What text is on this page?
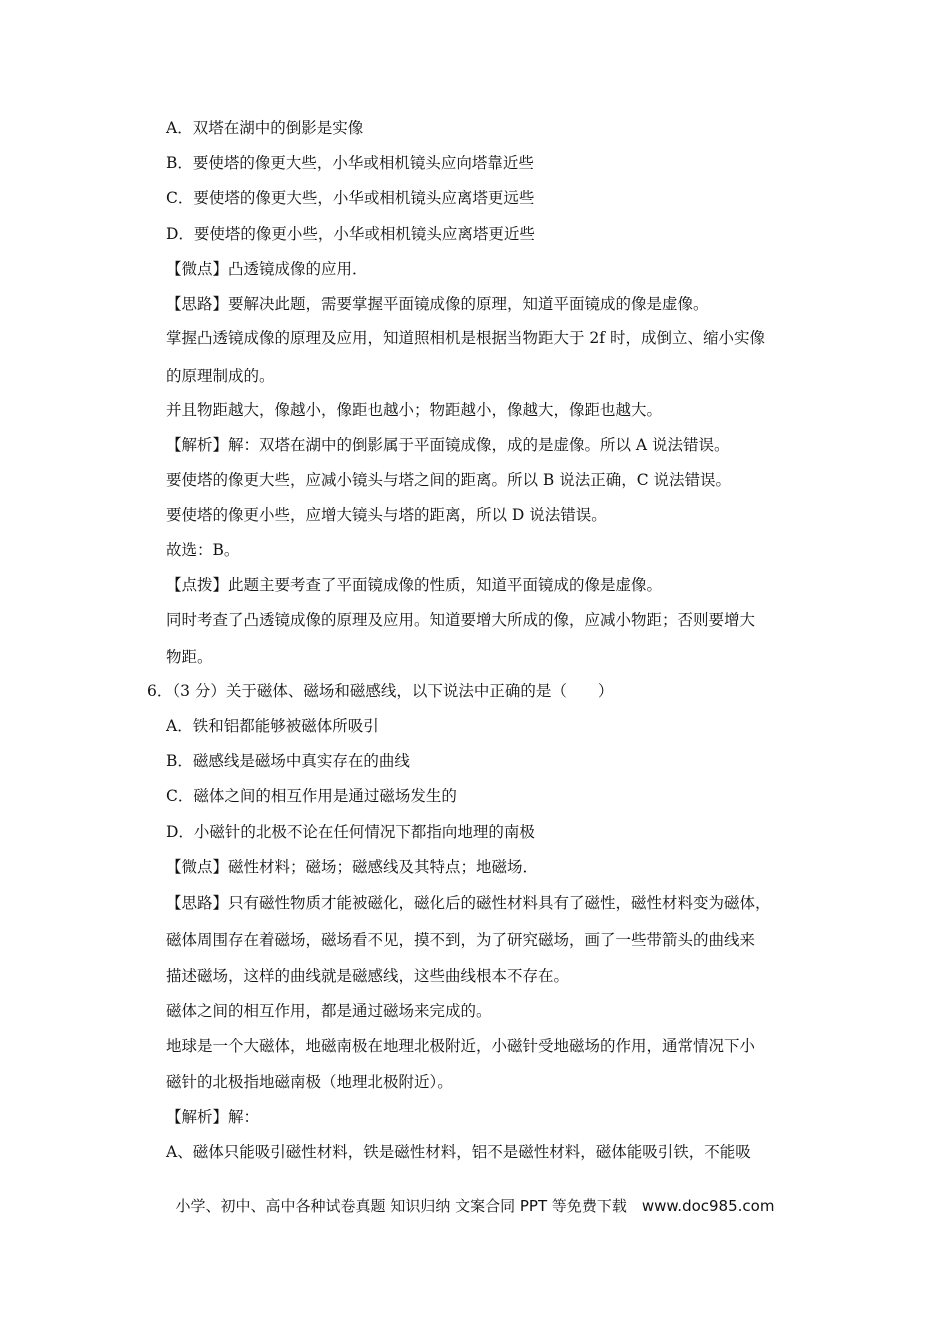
A．双塔在湖中的倒影是实像
B．要使塔的像更大些，小华或相机镜头应向塔靠近些
C．要使塔的像更大些，小华或相机镜头应离塔更远些
D．要使塔的像更小些，小华或相机镜头应离塔更近些
【微点】凸透镜成像的应用．
【思路】要解决此题，需要掌握平面镜成像的原理，知道平面镜成的像是虚像。
掌握凸透镜成像的原理及应用，知道照相机是根据当物距大于 2f 时，成倒立、缩小实像
的原理制成的。
并且物距越大，像越小，像距也越小；物距越小，像越大，像距也越大。
【解析】解：双塔在湖中的倒影属于平面镜成像，成的是虚像。所以 A 说法错误。
要使塔的像更大些，应减小镜头与塔之间的距离。所以 B 说法正确，C 说法错误。
要使塔的像更小些，应增大镜头与塔的距离，所以 D 说法错误。
故选：B。
【点拨】此题主要考查了平面镜成像的性质，知道平面镜成的像是虚像。
同时考查了凸透镜成像的原理及应用。知道要增大所成的像，应减小物距；否则要增大
物距。
6．（3 分）关于磁体、磁场和磁感线，以下说法中正确的是（　　）
A．铁和铝都能够被磁体所吸引
B．磁感线是磁场中真实存在的曲线
C．磁体之间的相互作用是通过磁场发生的
D．小磁针的北极不论在任何情况下都指向地理的南极
【微点】磁性材料；磁场；磁感线及其特点；地磁场．
【思路】只有磁性物质才能被磁化，磁化后的磁性材料具有了磁性，磁性材料变为磁体，
磁体周围存在着磁场，磁场看不见，摸不到，为了研究磁场，画了一些带箭头的曲线来
描述磁场，这样的曲线就是磁感线，这些曲线根本不存在。
磁体之间的相互作用，都是通过磁场来完成的。
地球是一个大磁体，地磁南极在地理北极附近，小磁针受地磁场的作用，通常情况下小
磁针的北极指地磁南极（地理北极附近）。
【解析】解：
A、磁体只能吸引磁性材料，铁是磁性材料，铝不是磁性材料，磁体能吸引铁，不能吸
小学、初中、高中各种试卷真题 知识归纳 文案合同 PPT 等免费下载　www.doc985.com
